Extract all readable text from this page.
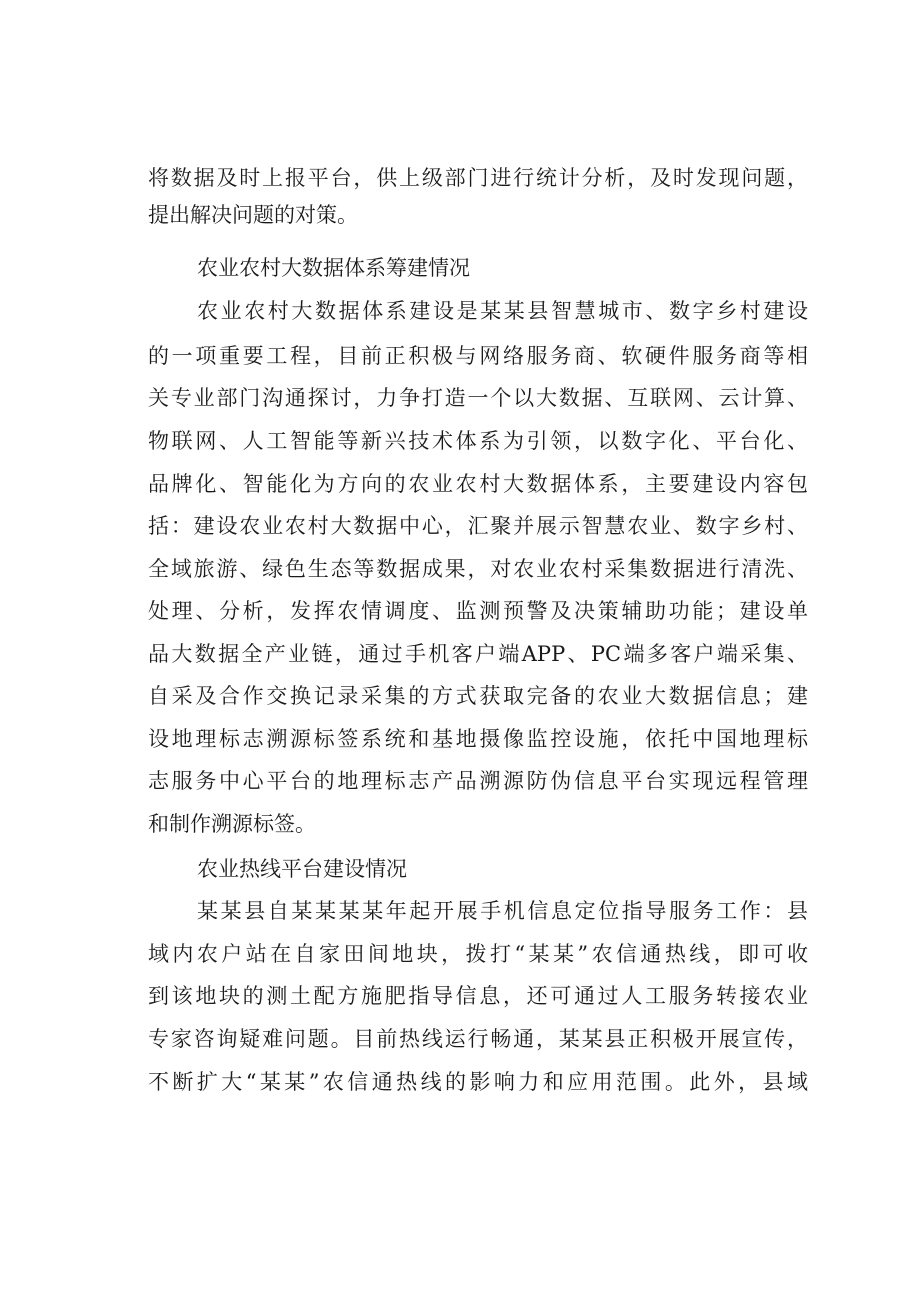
将数据及时上报平台，供上级部门进行统计分析，及时发现问题，
提出解决问题的对策。
农业农村大数据体系筹建情况
农业农村大数据体系建设是某某县智慧城市、数字乡村建设
的一项重要工程，目前正积极与网络服务商、软硬件服务商等相
关专业部门沟通探讨，力争打造一个以大数据、互联网、云计算、
物联网、人工智能等新兴技术体系为引领，以数字化、平台化、
品牌化、智能化为方向的农业农村大数据体系，主要建设内容包
括：建设农业农村大数据中心，汇聚并展示智慧农业、数字乡村、
全域旅游、绿色生态等数据成果，对农业农村采集数据进行清洗、
处理、分析，发挥农情调度、监测预警及决策辅助功能；建设单
品大数据全产业链，通过手机客户端APP、PC端多客户端采集、
自采及合作交换记录采集的方式获取完备的农业大数据信息；建
设地理标志溯源标签系统和基地摄像监控设施，依托中国地理标
志服务中心平台的地理标志产品溯源防伪信息平台实现远程管理
和制作溯源标签。
农业热线平台建设情况
某某县自某某某某年起开展手机信息定位指导服务工作：县
域内农户站在自家田间地块，拨打“某某”农信通热线，即可收
到该地块的测土配方施肥指导信息，还可通过人工服务转接农业
专家咨询疑难问题。目前热线运行畅通，某某县正积极开展宣传，
不断扩大“某某”农信通热线的影响力和应用范围。此外，县域
